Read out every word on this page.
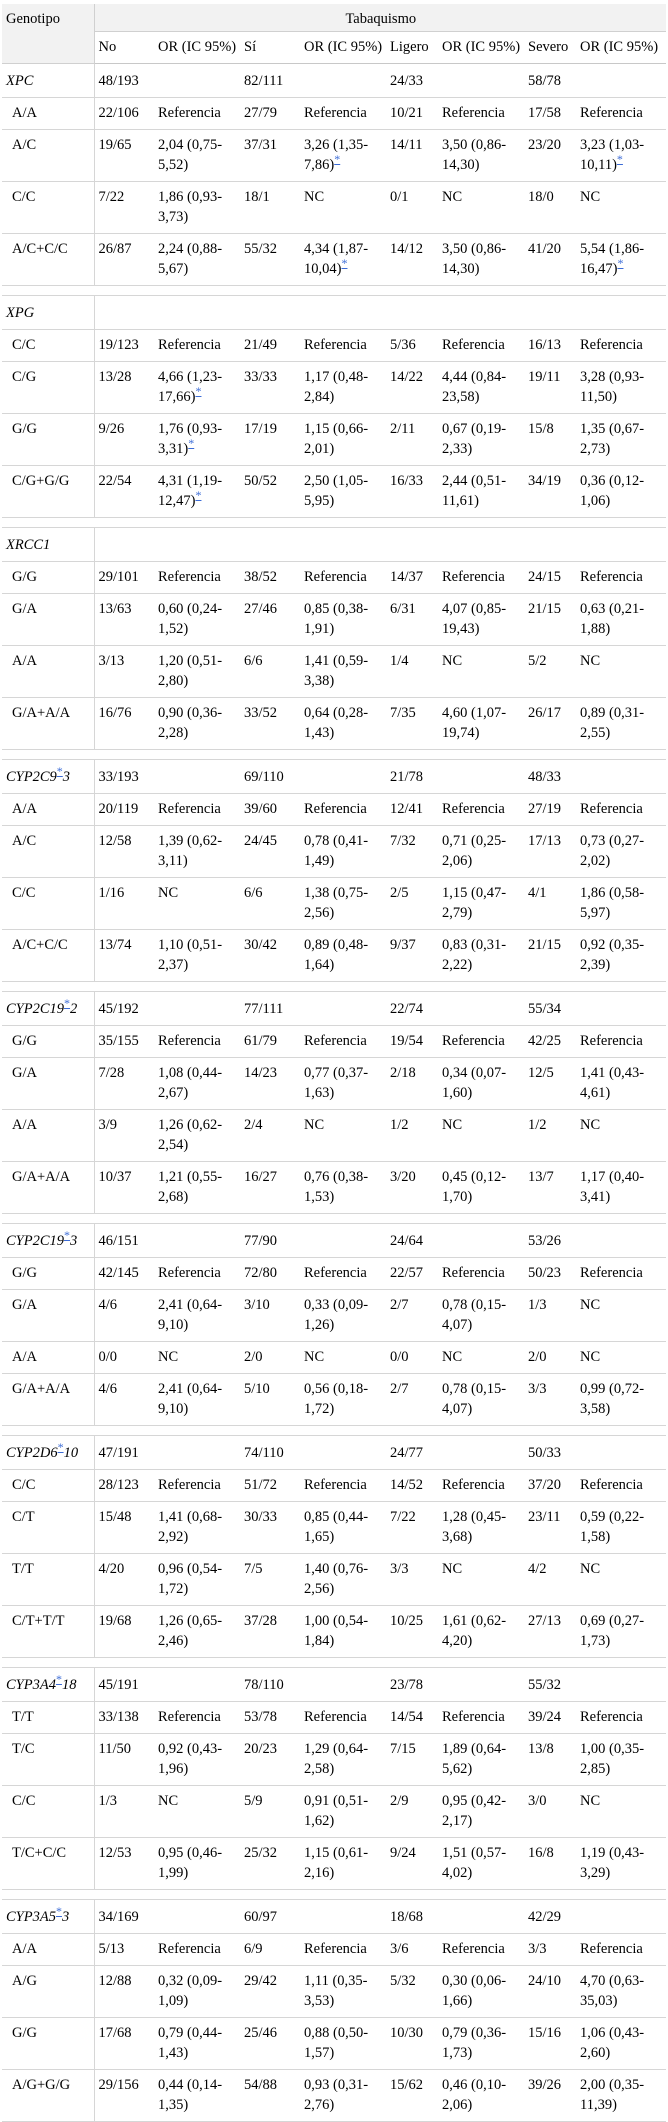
Genotipo	Tabaquismo							
	No	OR (IC 95%)	Sí	OR (IC 95%)	Ligero	OR (IC 95%)	Severo	OR (IC 95%)
XPC	48/193		82/111		24/33		58/78	
A/A	22/106	Referencia	27/79	Referencia	10/21	Referencia	17/58	Referencia
A/C	19/65	2,04 (0,75-5,52)	37/31	3,26 (1,35-7,86)*	14/11	3,50 (0,86-14,30)	23/20	3,23 (1,03-10,11)*
C/C	7/22	1,86 (0,93-3,73)	18/1	NC	0/1	NC	18/0	NC
A/C+C/C	26/87	2,24 (0,88-5,67)	55/32	4,34 (1,87-10,04)*	14/12	3,50 (0,86-14,30)	41/20	5,54 (1,86-16,47)*

XPG								
C/C	19/123	Referencia	21/49	Referencia	5/36	Referencia	16/13	Referencia
C/G	13/28	4,66 (1,23-17,66)*	33/33	1,17 (0,48-2,84)	14/22	4,44 (0,84-23,58)	19/11	3,28 (0,93-11,50)
G/G	9/26	1,76 (0,93-3,31)*	17/19	1,15 (0,66-2,01)	2/11	0,67 (0,19-2,33)	15/8	1,35 (0,67-2,73)
C/G+G/G	22/54	4,31 (1,19-12,47)*	50/52	2,50 (1,05-5,95)	16/33	2,44 (0,51-11,61)	34/19	0,36 (0,12-1,06)

XRCC1								
G/G	29/101	Referencia	38/52	Referencia	14/37	Referencia	24/15	Referencia
G/A	13/63	0,60 (0,24-1,52)	27/46	0,85 (0,38-1,91)	6/31	4,07 (0,85-19,43)	21/15	0,63 (0,21-1,88)
A/A	3/13	1,20 (0,51-2,80)	6/6	1,41 (0,59-3,38)	1/4	NC	5/2	NC
G/A+A/A	16/76	0,90 (0,36-2,28)	33/52	0,64 (0,28-1,43)	7/35	4,60 (1,07-19,74)	26/17	0,89 (0,31-2,55)

CYP2C9*3	33/193		69/110		21/78		48/33	
A/A	20/119	Referencia	39/60	Referencia	12/41	Referencia	27/19	Referencia
A/C	12/58	1,39 (0,62-3,11)	24/45	0,78 (0,41-1,49)	7/32	0,71 (0,25-2,06)	17/13	0,73 (0,27-2,02)
C/C	1/16	NC	6/6	1,38 (0,75-2,56)	2/5	1,15 (0,47-2,79)	4/1	1,86 (0,58-5,97)
A/C+C/C	13/74	1,10 (0,51-2,37)	30/42	0,89 (0,48-1,64)	9/37	0,83 (0,31-2,22)	21/15	0,92 (0,35-2,39)

CYP2C19*2	45/192		77/111		22/74		55/34	
G/G	35/155	Referencia	61/79	Referencia	19/54	Referencia	42/25	Referencia
G/A	7/28	1,08 (0,44-2,67)	14/23	0,77 (0,37-1,63)	2/18	0,34 (0,07-1,60)	12/5	1,41 (0,43-4,61)
A/A	3/9	1,26 (0,62-2,54)	2/4	NC	1/2	NC	1/2	NC
G/A+A/A	10/37	1,21 (0,55-2,68)	16/27	0,76 (0,38-1,53)	3/20	0,45 (0,12-1,70)	13/7	1,17 (0,40-3,41)

CYP2C19*3	46/151		77/90		24/64		53/26	
G/G	42/145	Referencia	72/80	Referencia	22/57	Referencia	50/23	Referencia
G/A	4/6	2,41 (0,64-9,10)	3/10	0,33 (0,09-1,26)	2/7	0,78 (0,15-4,07)	1/3	NC
A/A	0/0	NC	2/0	NC	0/0	NC	2/0	NC
G/A+A/A	4/6	2,41 (0,64-9,10)	5/10	0,56 (0,18-1,72)	2/7	0,78 (0,15-4,07)	3/3	0,99 (0,72-3,58)

CYP2D6*10	47/191		74/110		24/77		50/33	
C/C	28/123	Referencia	51/72	Referencia	14/52	Referencia	37/20	Referencia
C/T	15/48	1,41 (0,68-2,92)	30/33	0,85 (0,44-1,65)	7/22	1,28 (0,45-3,68)	23/11	0,59 (0,22-1,58)
T/T	4/20	0,96 (0,54-1,72)	7/5	1,40 (0,76-2,56)	3/3	NC	4/2	NC
C/T+T/T	19/68	1,26 (0,65-2,46)	37/28	1,00 (0,54-1,84)	10/25	1,61 (0,62-4,20)	27/13	0,69 (0,27-1,73)

CYP3A4*18	45/191		78/110		23/78		55/32	
T/T	33/138	Referencia	53/78	Referencia	14/54	Referencia	39/24	Referencia
T/C	11/50	0,92 (0,43-1,96)	20/23	1,29 (0,64-2,58)	7/15	1,89 (0,64-5,62)	13/8	1,00 (0,35-2,85)
C/C	1/3	NC	5/9	0,91 (0,51-1,62)	2/9	0,95 (0,42-2,17)	3/0	NC
T/C+C/C	12/53	0,95 (0,46-1,99)	25/32	1,15 (0,61-2,16)	9/24	1,51 (0,57-4,02)	16/8	1,19 (0,43-3,29)

CYP3A5*3	34/169		60/97		18/68		42/29	
A/A	5/13	Referencia	6/9	Referencia	3/6	Referencia	3/3	Referencia
A/G	12/88	0,32 (0,09-1,09)	29/42	1,11 (0,35-3,53)	5/32	0,30 (0,06-1,66)	24/10	4,70 (0,63-35,03)
G/G	17/68	0,79 (0,44-1,43)	25/46	0,88 (0,50-1,57)	10/30	0,79 (0,36-1,73)	15/16	1,06 (0,43-2,60)
A/G+G/G	29/156	0,44 (0,14-1,35)	54/88	0,93 (0,31-2,76)	15/62	0,46 (0,10-2,06)	39/26	2,00 (0,35-11,39)
